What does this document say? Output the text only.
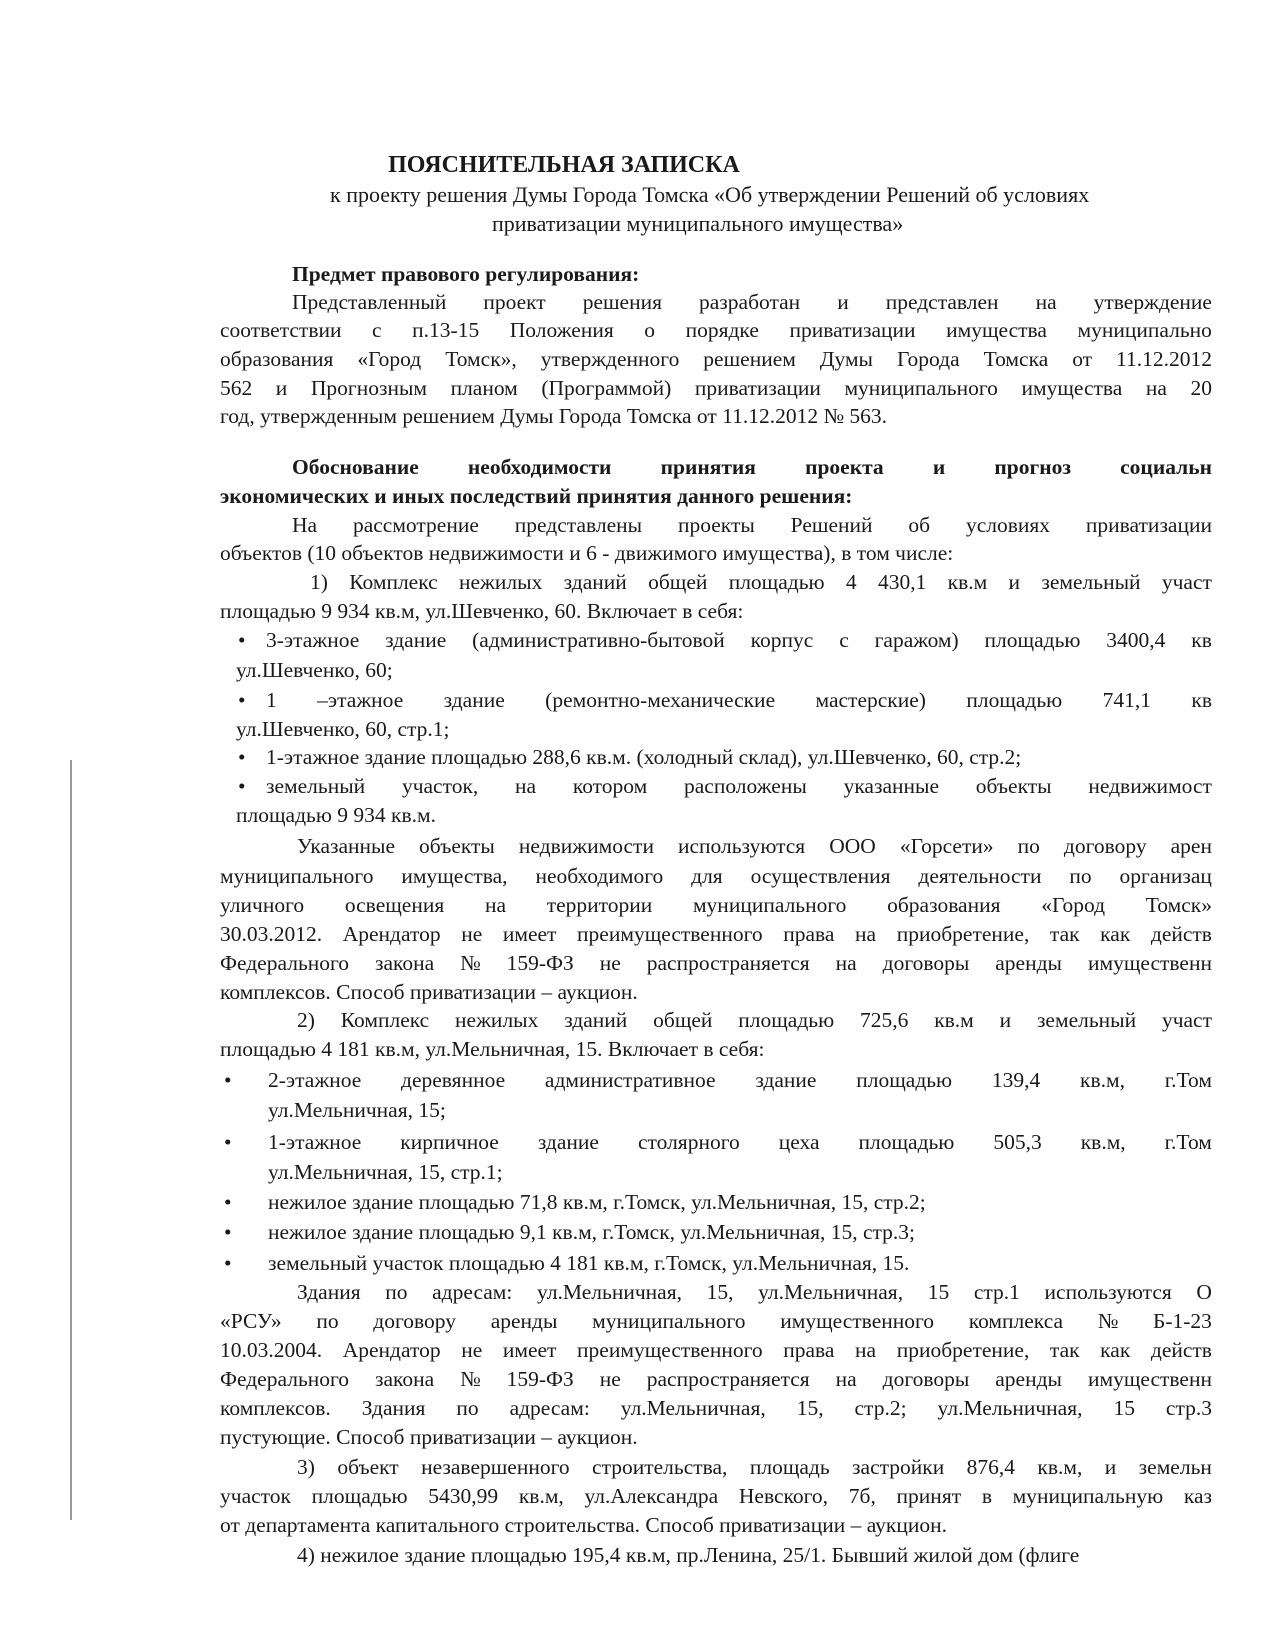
ПОЯСНИТЕЛЬНАЯ ЗАПИСКА
к проекту решения Думы Города Томска «Об утверждении Решений об условиях
приватизации муниципального имущества»
Предмет правового регулирования:
Представленный проект решения разработан и представлен на утверждение
соответствии с п.13-15 Положения о порядке приватизации имущества муниципально
образования «Город Томск», утвержденного решением Думы Города Томска от 11.12.2012
562 и Прогнозным планом (Программой) приватизации муниципального имущества на 20
год, утвержденным решением Думы Города Томска от 11.12.2012 № 563.
Обоснование необходимости принятия проекта и прогноз социальн
экономических и иных последствий принятия данного решения:
На рассмотрение представлены проекты Решений об условиях приватизации
объектов (10 объектов недвижимости и 6 - движимого имущества), в том числе:
1) Комплекс нежилых зданий общей площадью 4 430,1 кв.м и земельный участ
площадью 9 934 кв.м, ул.Шевченко, 60. Включает в себя:
• 3-этажное здание (административно-бытовой корпус с гаражом) площадью 3400,4 кв
ул.Шевченко, 60;
• 1 –этажное здание (ремонтно-механические мастерские) площадью 741,1 кв
ул.Шевченко, 60, стр.1;
• 1-этажное здание площадью 288,6 кв.м. (холодный склад), ул.Шевченко, 60, стр.2;
• земельный участок, на котором расположены указанные объекты недвижимост
площадью 9 934 кв.м.
Указанные объекты недвижимости используются ООО «Горсети» по договору арен
муниципального имущества, необходимого для осуществления деятельности по организац
уличного освещения на территории муниципального образования «Город Томск»
30.03.2012. Арендатор не имеет преимущественного права на приобретение, так как действ
Федерального закона № 159-ФЗ не распространяется на договоры аренды имущественн
комплексов. Способ приватизации – аукцион.
2) Комплекс нежилых зданий общей площадью 725,6 кв.м и земельный участ
площадью 4 181 кв.м, ул.Мельничная, 15. Включает в себя:
• 2-этажное деревянное административное здание площадью 139,4 кв.м, г.Том
ул.Мельничная, 15;
• 1-этажное кирпичное здание столярного цеха площадью 505,3 кв.м, г.Том
ул.Мельничная, 15, стр.1;
• нежилое здание площадью 71,8 кв.м, г.Томск, ул.Мельничная, 15, стр.2;
• нежилое здание площадью 9,1 кв.м, г.Томск, ул.Мельничная, 15, стр.3;
• земельный участок площадью 4 181 кв.м, г.Томск, ул.Мельничная, 15.
Здания по адресам: ул.Мельничная, 15, ул.Мельничная, 15 стр.1 используются О
«РСУ» по договору аренды муниципального имущественного комплекса № Б-1-23
10.03.2004. Арендатор не имеет преимущественного права на приобретение, так как действ
Федерального закона № 159-ФЗ не распространяется на договоры аренды имущественн
комплексов. Здания по адресам: ул.Мельничная, 15, стр.2; ул.Мельничная, 15 стр.3
пустующие. Способ приватизации – аукцион.
3) объект незавершенного строительства, площадь застройки 876,4 кв.м, и земельн
участок площадью 5430,99 кв.м, ул.Александра Невского, 7б, принят в муниципальную каз
от департамента капитального строительства. Способ приватизации – аукцион.
4) нежилое здание площадью 195,4 кв.м, пр.Ленина, 25/1. Бывший жилой дом (флиге
